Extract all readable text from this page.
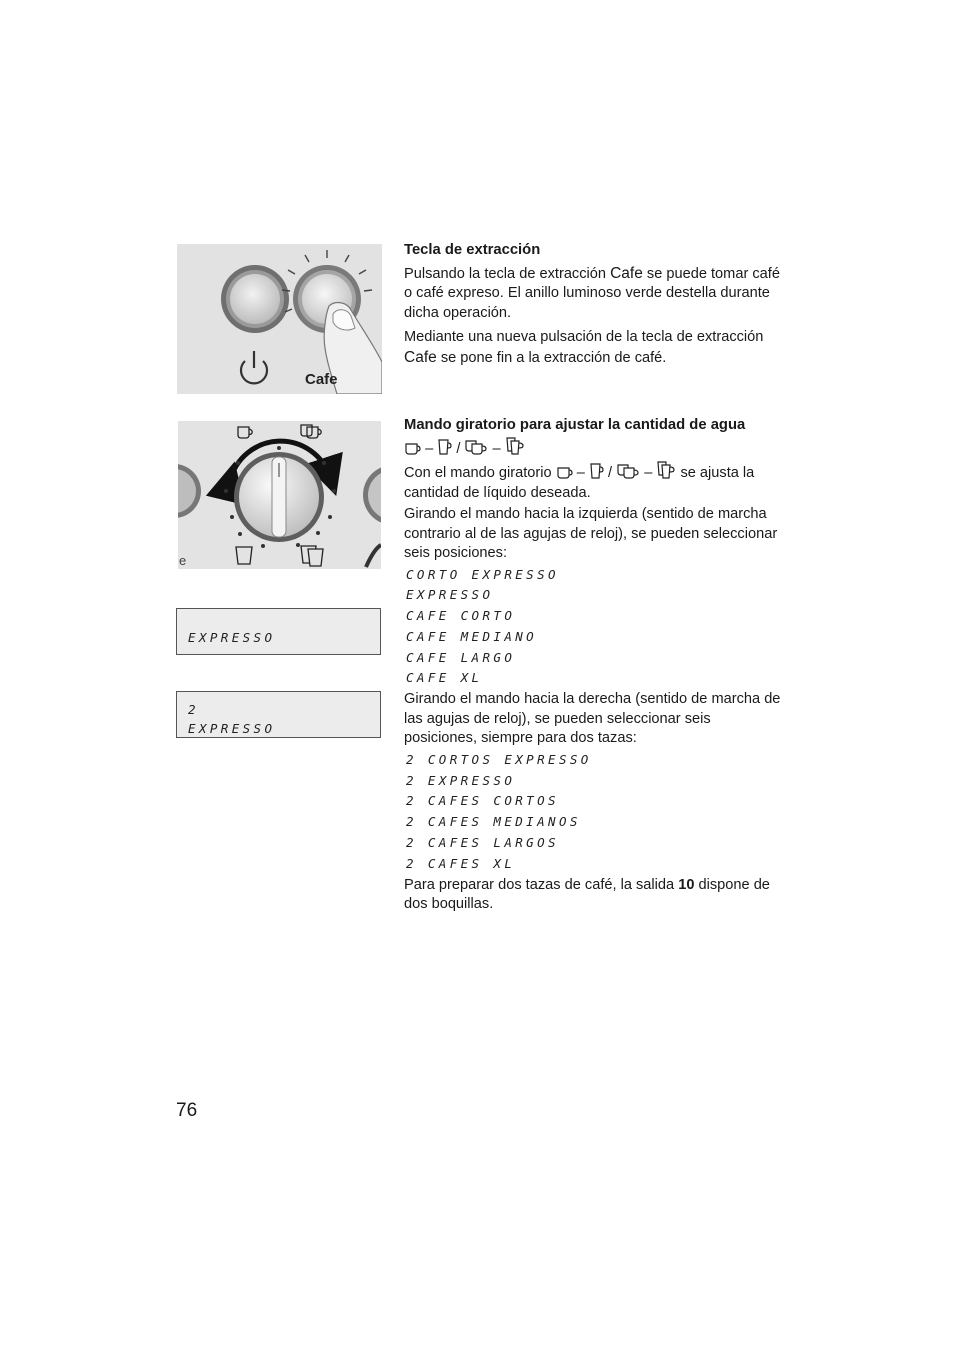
Cafe

Tecla de extracción

Pulsando la tecla de extracción Cafe se puede tomar café o café expreso. El anillo luminoso verde destella durante dicha operación.

Mediante una nueva pulsación de la tecla de extracción Cafe se pone fin a la extracción de café.

e

Mando giratorio para ajustar la cantidad de agua

– / –

Con el mando giratorio – / – se ajusta la cantidad de líquido deseada.

Girando el mando hacia la izquierda (sentido de marcha contrario al de las agujas de reloj), se pueden seleccionar seis posiciones:

CORTO EXPRESSO
EXPRESSO
CAFE CORTO
CAFE MEDIANO
CAFE LARGO
CAFE XL

Girando el mando hacia la derecha (sentido de marcha de las agujas de reloj), se pueden seleccionar seis posiciones, siempre para dos tazas:

2 CORTOS EXPRESSO
2 EXPRESSO
2 CAFES CORTOS
2 CAFES MEDIANOS
2 CAFES LARGOS
2 CAFES XL

Para preparar dos tazas de café, la salida 10 dispone de dos boquillas.

EXPRESSO
2
EXPRESSO
76
